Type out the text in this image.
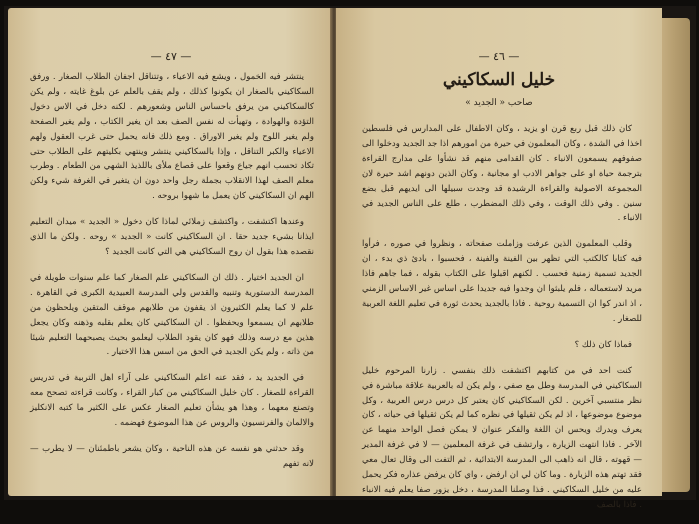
— ٤٧ —

ينتشر فيه الخمول ، ويشع فيه الاعياء ، وتتناقل اجفان الطلاب الصغار . ورفق السكاكيني بالصغار ان يكونوا كذلك ، ولم يقف بالعلم عن بلوغ غايته ، ولم يكن كالسكاكيني من يرفق باحساس الناس وشعورهم . لكنه دخل في الاس دخول التؤدة والهوادة ، وتهيأت له نفس الصف بعد ان يغير الكتاب ، ولم يغير الصفحة ولم يغير اللوح ولم يغير الاوراق . ومع ذلك فانه يحمل حتى غرب العقول ولهم الاعياء والكبر التناقل ، وإذا بالسكاكيني ينتشر وينتهي بكليتهم على الطلاب حتى تكاد تحسب انهم جياع وقعوا على قصاع ملأى باللذيذ الشهي من الطعام . وطرب معلم الصف لهذا الانقلاب بجملة رجل واحد دون ان يتغير في الغرفة شيء ولكن الهم ان السكاكيني كان يعمل ما شهوا بروحه .

وعندها اكتشفت ، واكتشف زملائي لماذا كان دخول « الجديد » ميدان التعليم ايذانا بشيء جديد حقا . ان السكاكيني كانت « الجديد » روحه . ولكن ما الذي نقصده هذا بقول ان روح السكاكيني هي التي كانت الجديد ؟

ان الجديد اختيار . ذلك ان السكاكيني علم الصغار كما علم سنوات طويلة في المدرسة الدستورية وتنبيه والقدس ولي المدرسة العبيدية الكبرى في القاهرة . علم لا كما يعلم الكثيرون اذ يقفون من طلابهم موقف المتقين ويلحظون من طلابهم ان يسمعوا ويحفظوا . ان السكاكيني كان يعلم بقلبه وذهنه وكان يجعل هذين مع درسه وذلك فهو كان يقود الطلاب ليعلمو بحيث يصبحهما التعليم شيئا من ذاته ، ولم يكن الجديد في الحق من اسس هذا الاختيار .

في الجديد يد ، فقد عنه اعلم السكاكيني على آراء اهل التربية في تدريس القراءة للصغار . كان خليل السكاكيني من كبار القراء ، وكانت قراءته تصحح معه وتصنع معهما ، وهذا هو يشأن تعليم الصغار عكس على الكثير ما كتبه الانكليز والالمان والفرنسيون والروس عن هذا الموضوع فهضمه .

وقد حدثني هو نفسه عن هذه الناحية ، وكان يشعر باطمئنان — لا يطرب — لانه تفهم

— ٤٦ —
خليل السكاكيني
صاحب « الجديد »

كان ذلك قبل ربع قرن او يزيد ، وكان الاطفال على المدارس في فلسطين اخذا في الشدة ، وكان المعلمون في حيرة من امورهم اذا جد الجديد ودخلوا الى صفوفهم يسمعون الانباء . كان القدامى منهم قد نشأوا على مدارج القراءة بترجمة حياة او على جواهر الادب او مجانية ، وكان الذين دونهم اشد حيرة لان المجموعة الاصولية والقراءة الرشيدة قد وجدت سبيلها الى ايديهم قبل بضع سنين . وفي ذلك الوقت ، وفي ذلك المضطرب ، طلع على الناس الجديد في الانباء .

وقلب المعلمون الذين عرفت وزاملت صفحاته ، ونظروا في صوره ، فرأوا فيه كتابا كالكتب التي تظهر بين الفينة والفينة ، فحسبوا ، بادئ ذي بدء ، ان الجديد تسمية زمنية فحسب . لكنهم اقبلوا على الكتاب بقوله ، فما جاهم فاذا مريد لاستعماله ، فلم يلبثوا ان وجدوا فيه جديدا على اساس غير الاساس الزمني ، اذ اندر كوا ان التسمية روحية . فاذا بالجديد يحدث ثورة في تعليم اللغة العربية للصغار .

فماذا كان ذلك ؟

كنت احد في من كتابهم اكتشفت ذلك بنفسي . زارنا المرحوم خليل السكاكيني في المدرسة وطل مع صفي ، ولم يكن له بالعربية علاقة مباشرة في نظر منتسبي آخرين . لكن السكاكيني كان يعتبر كل درس درس العربية ، وكل موضوع موضوعها ، اذ لم يكن ثقيلها في نظره كما لم يكن ثقيلها في حياته ، كان يعرف ويدرك ويحس ان اللغة والفكر عنوان لا يمكن فصل الواحد منهما عن الآخر . فاذا انتهت الزيارة ، وارتشف في غرفة المعلمين — لا في غرفة المدير — قهوته ، قال انه ذاهب الى المدرسة الابتدائية ، ثم التفت الى وقال تعال معي فقد تهتم هذه الزيارة . وما كان لي ان ارفض ، واي كان يرفض عذاره فكر يحمل عليه من خليل السكاكيني . فذا وصلنا المدرسة ، دخل يزور صفا يعلم فيه الانباء . فاذا بالصف
